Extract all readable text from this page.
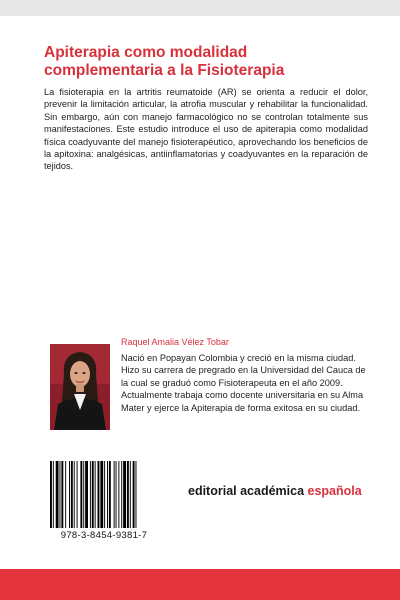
Apiterapia como modalidad
complementaria a la Fisioterapia

La fisioterapia en la artritis reumatoide (AR) se orienta a reducir el dolor, prevenir la limitación articular, la atrofia muscular y rehabilitar la funcionalidad. Sin embargo, aún con manejo farmacológico no se controlan totalmente sus manifestaciones. Este estudio introduce el uso de apiterapia como modalidad física coadyuvante del manejo fisioterapéutico, aprovechando los beneficios de la apitoxina: analgésicas, antiinflamatorias y coadyuvantes en la reparación de tejidos.

Raquel Amalia Vélez Tobar

Nació en Popayan Colombia y creció en la misma ciudad. Hizo su carrera de pregrado en la Universidad del Cauca de la cual se graduó como Fisioterapeuta en el año 2009. Actualmente trabaja como docente universitaria en su Alma Mater y ejerce la Apiterapia de forma exitosa en su ciudad.

978-3-8454-9381-7

editorial académica española
